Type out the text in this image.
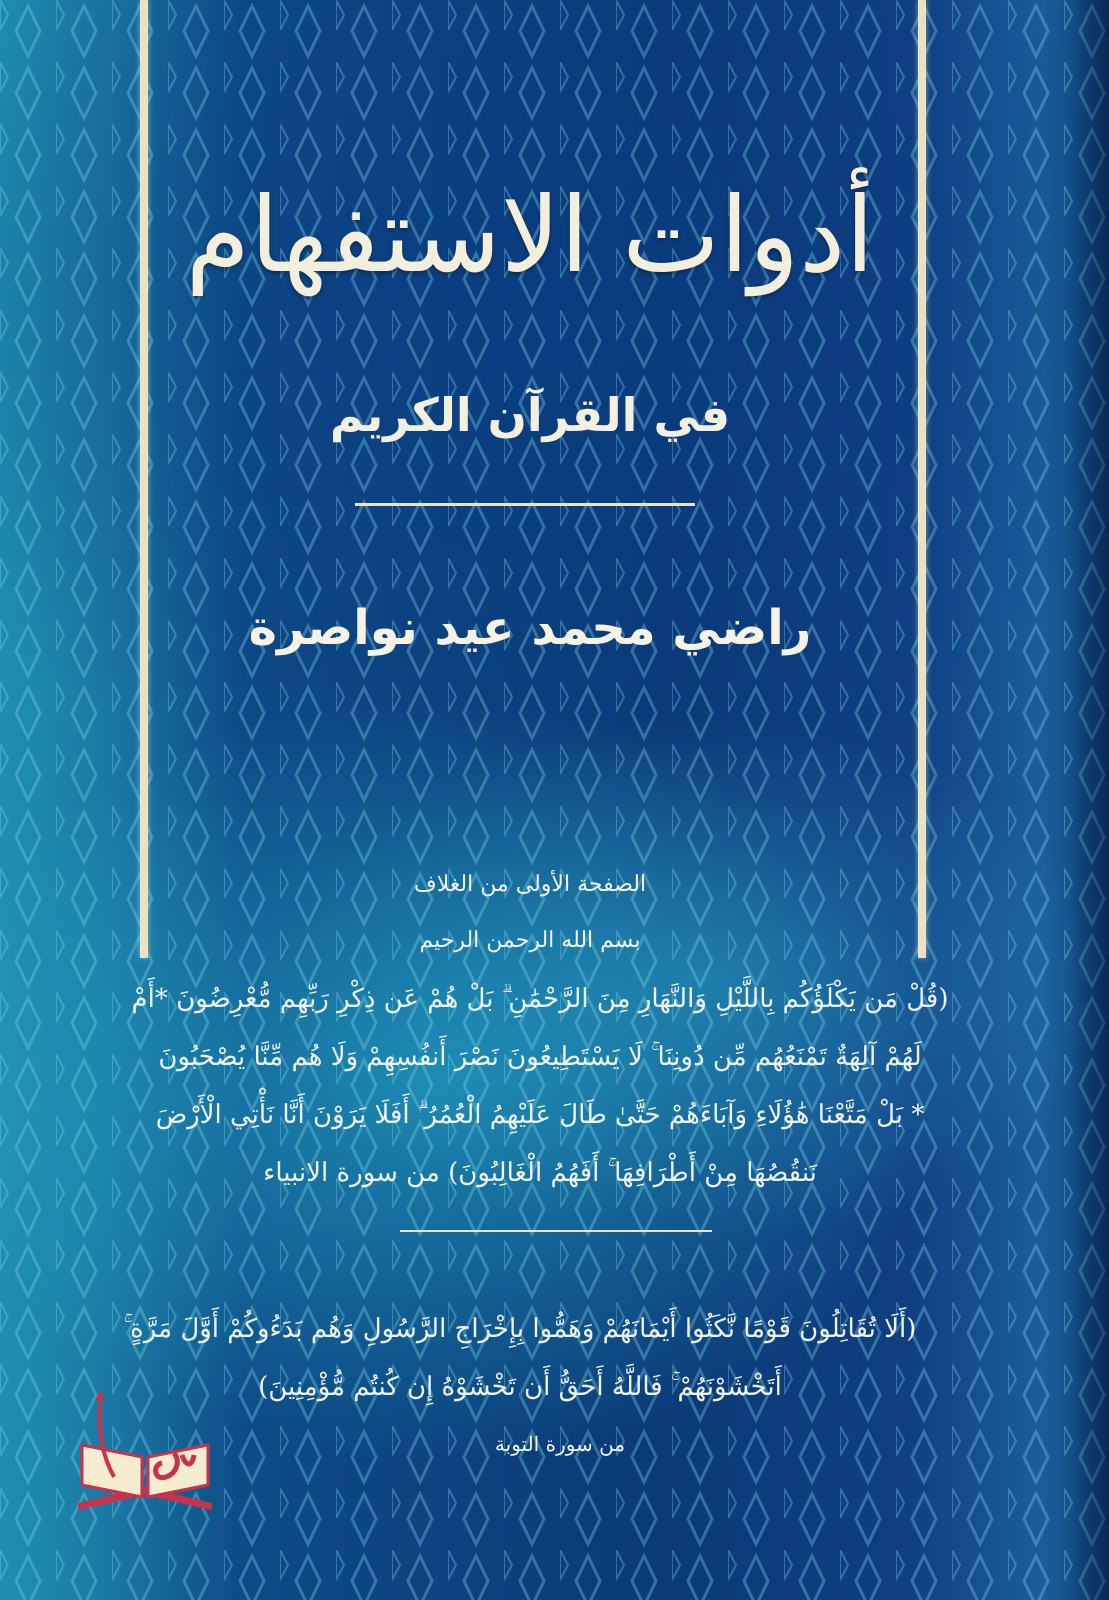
أدوات الاستفهام
في القرآن الكريم
راضي محمد عيد نواصرة
الصفحة الأولى من الغلاف
بسم الله الرحمن الرحيم
(قُلْ مَن يَكْلَؤُكُم بِاللَّيْلِ وَالنَّهَارِ مِنَ الرَّحْمَٰنِ ۗ بَلْ هُمْ عَن ذِكْرِ رَبِّهِم مُّعْرِضُونَ *أَمْ
لَهُمْ آلِهَةٌ تَمْنَعُهُم مِّن دُونِنَا ۚ لَا يَسْتَطِيعُونَ نَصْرَ أَنفُسِهِمْ وَلَا هُم مِّنَّا يُصْحَبُونَ
* بَلْ مَتَّعْنَا هَٰؤُلَاءِ وَآبَاءَهُمْ حَتَّىٰ طَالَ عَلَيْهِمُ الْعُمُرُ ۗ أَفَلَا يَرَوْنَ أَنَّا نَأْتِي الْأَرْضَ
نَنقُصُهَا مِنْ أَطْرَافِهَا ۚ أَفَهُمُ الْغَالِبُونَ) من سورة الانبياء
(أَلَا تُقَاتِلُونَ قَوْمًا نَّكَثُوا أَيْمَانَهُمْ وَهَمُّوا بِإِخْرَاجِ الرَّسُولِ وَهُم بَدَءُوكُمْ أَوَّلَ مَرَّةٍ ۚ
أَتَخْشَوْنَهُمْ ۚ فَاللَّهُ أَحَقُّ أَن تَخْشَوْهُ إِن كُنتُم مُّؤْمِنِينَ)
من سورة التوبة
